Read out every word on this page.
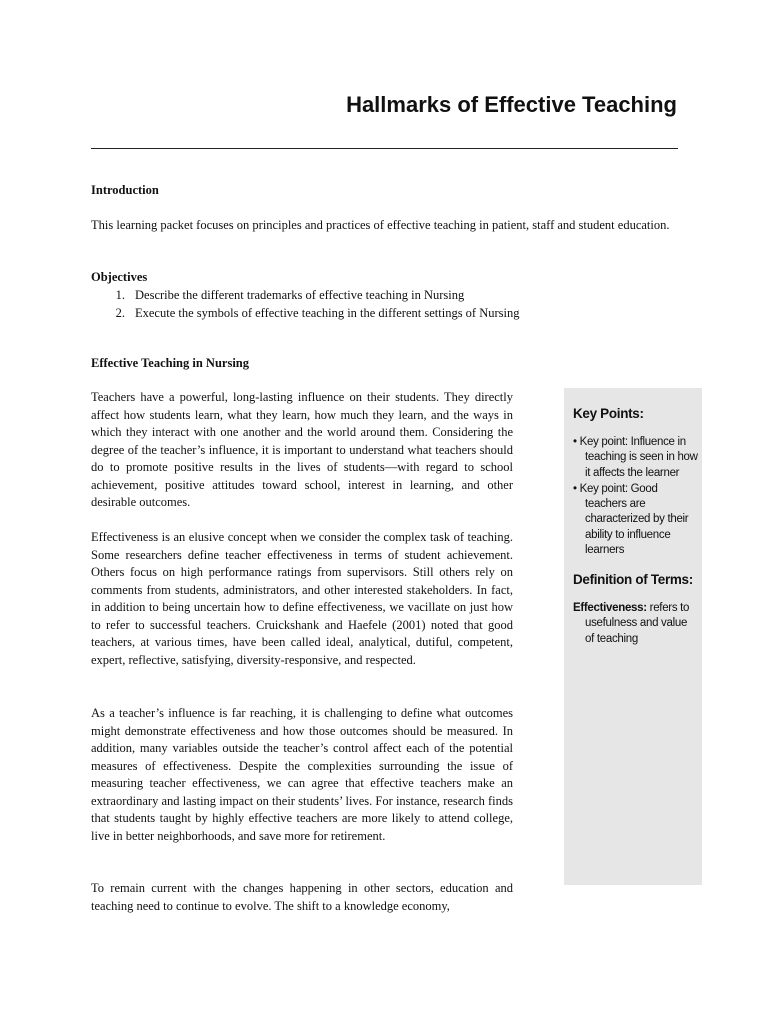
Hallmarks of Effective Teaching
Introduction

This learning packet focuses on principles and practices of effective teaching in patient, staff and student education.

Objectives
1. Describe the different trademarks of effective teaching in Nursing
2. Execute the symbols of effective teaching in the different settings of Nursing
Effective Teaching in Nursing

Teachers have a powerful, long-lasting influence on their students. They directly affect how students learn, what they learn, how much they learn, and the ways in which they interact with one another and the world around them. Considering the degree of the teacher’s influence, it is important to understand what teachers should do to promote positive results in the lives of students—with regard to school achievement, positive attitudes toward school, interest in learning, and other desirable outcomes.

Effectiveness is an elusive concept when we consider the complex task of teaching. Some researchers define teacher effectiveness in terms of student achievement. Others focus on high performance ratings from supervisors. Still others rely on comments from students, administrators, and other interested stakeholders. In fact, in addition to being uncertain how to define effectiveness, we vacillate on just how to refer to successful teachers. Cruickshank and Haefele (2001) noted that good teachers, at various times, have been called ideal, analytical, dutiful, competent, expert, reflective, satisfying, diversity-responsive, and respected.

As a teacher’s influence is far reaching, it is challenging to define what outcomes might demonstrate effectiveness and how those outcomes should be measured. In addition, many variables outside the teacher’s control affect each of the potential measures of effectiveness. Despite the complexities surrounding the issue of measuring teacher effectiveness, we can agree that effective teachers make an extraordinary and lasting impact on their students’ lives. For instance, research finds that students taught by highly effective teachers are more likely to attend college, live in better neighborhoods, and save more for retirement.

To remain current with the changes happening in other sectors, education and teaching need to continue to evolve. The shift to a knowledge economy,

Key Points:
• Key point: Influence in teaching is seen in how it affects the learner
• Key point: Good teachers are characterized by their ability to influence learners
Definition of Terms:

Effectiveness: refers to usefulness and value of teaching
